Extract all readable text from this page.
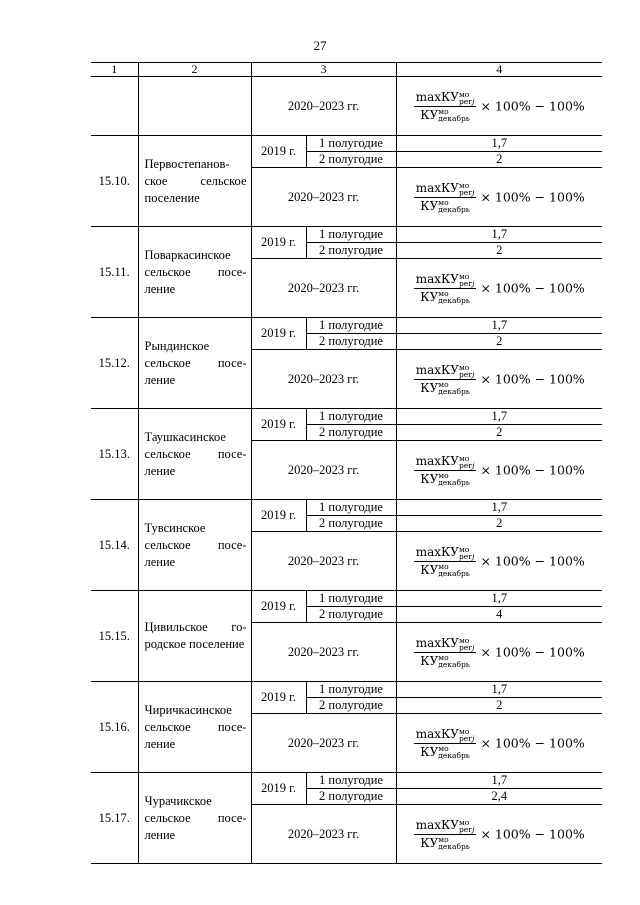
27
1	2	3		4
		2020–2023 гг.		maxКУмо
регj
КУмо
декабрь
× 100% − 100%
15.10.	Первостепановское сельское поселение	2019 г.	1 полугодие	1,7
			2 полугодие	2
		2020–2023 гг.		maxКУмо
регj
КУмо
декабрь
× 100% − 100%
15.11.	Поваркасинское сельское поселение	2019 г.	1 полугодие	1,7
			2 полугодие	2
		2020–2023 гг.		maxКУмо
регj
КУмо
декабрь
× 100% − 100%
15.12.	Рындинское сельское поселение	2019 г.	1 полугодие	1,7
			2 полугодие	2
		2020–2023 гг.		maxКУмо
регj
КУмо
декабрь
× 100% − 100%
15.13.	Таушкасинское сельское поселение	2019 г.	1 полугодие	1,7
			2 полугодие	2
		2020–2023 гг.		maxКУмо
регj
КУмо
декабрь
× 100% − 100%
15.14.	Тувсинское сельское поселение	2019 г.	1 полугодие	1,7
			2 полугодие	2
		2020–2023 гг.		maxКУмо
регj
КУмо
декабрь
× 100% − 100%
15.15.	Цивильское городское поселение	2019 г.	1 полугодие	1,7
			2 полугодие	4
		2020–2023 гг.		maxКУмо
регj
КУмо
декабрь
× 100% − 100%
15.16.	Чиричкасинское сельское поселение	2019 г.	1 полугодие	1,7
			2 полугодие	2
		2020–2023 гг.		maxКУмо
регj
КУмо
декабрь
× 100% − 100%
15.17.	Чурачикское сельское поселение	2019 г.	1 полугодие	1,7
			2 полугодие	2,4
		2020–2023 гг.		maxКУмо
регj
КУмо
декабрь
× 100% − 100%
